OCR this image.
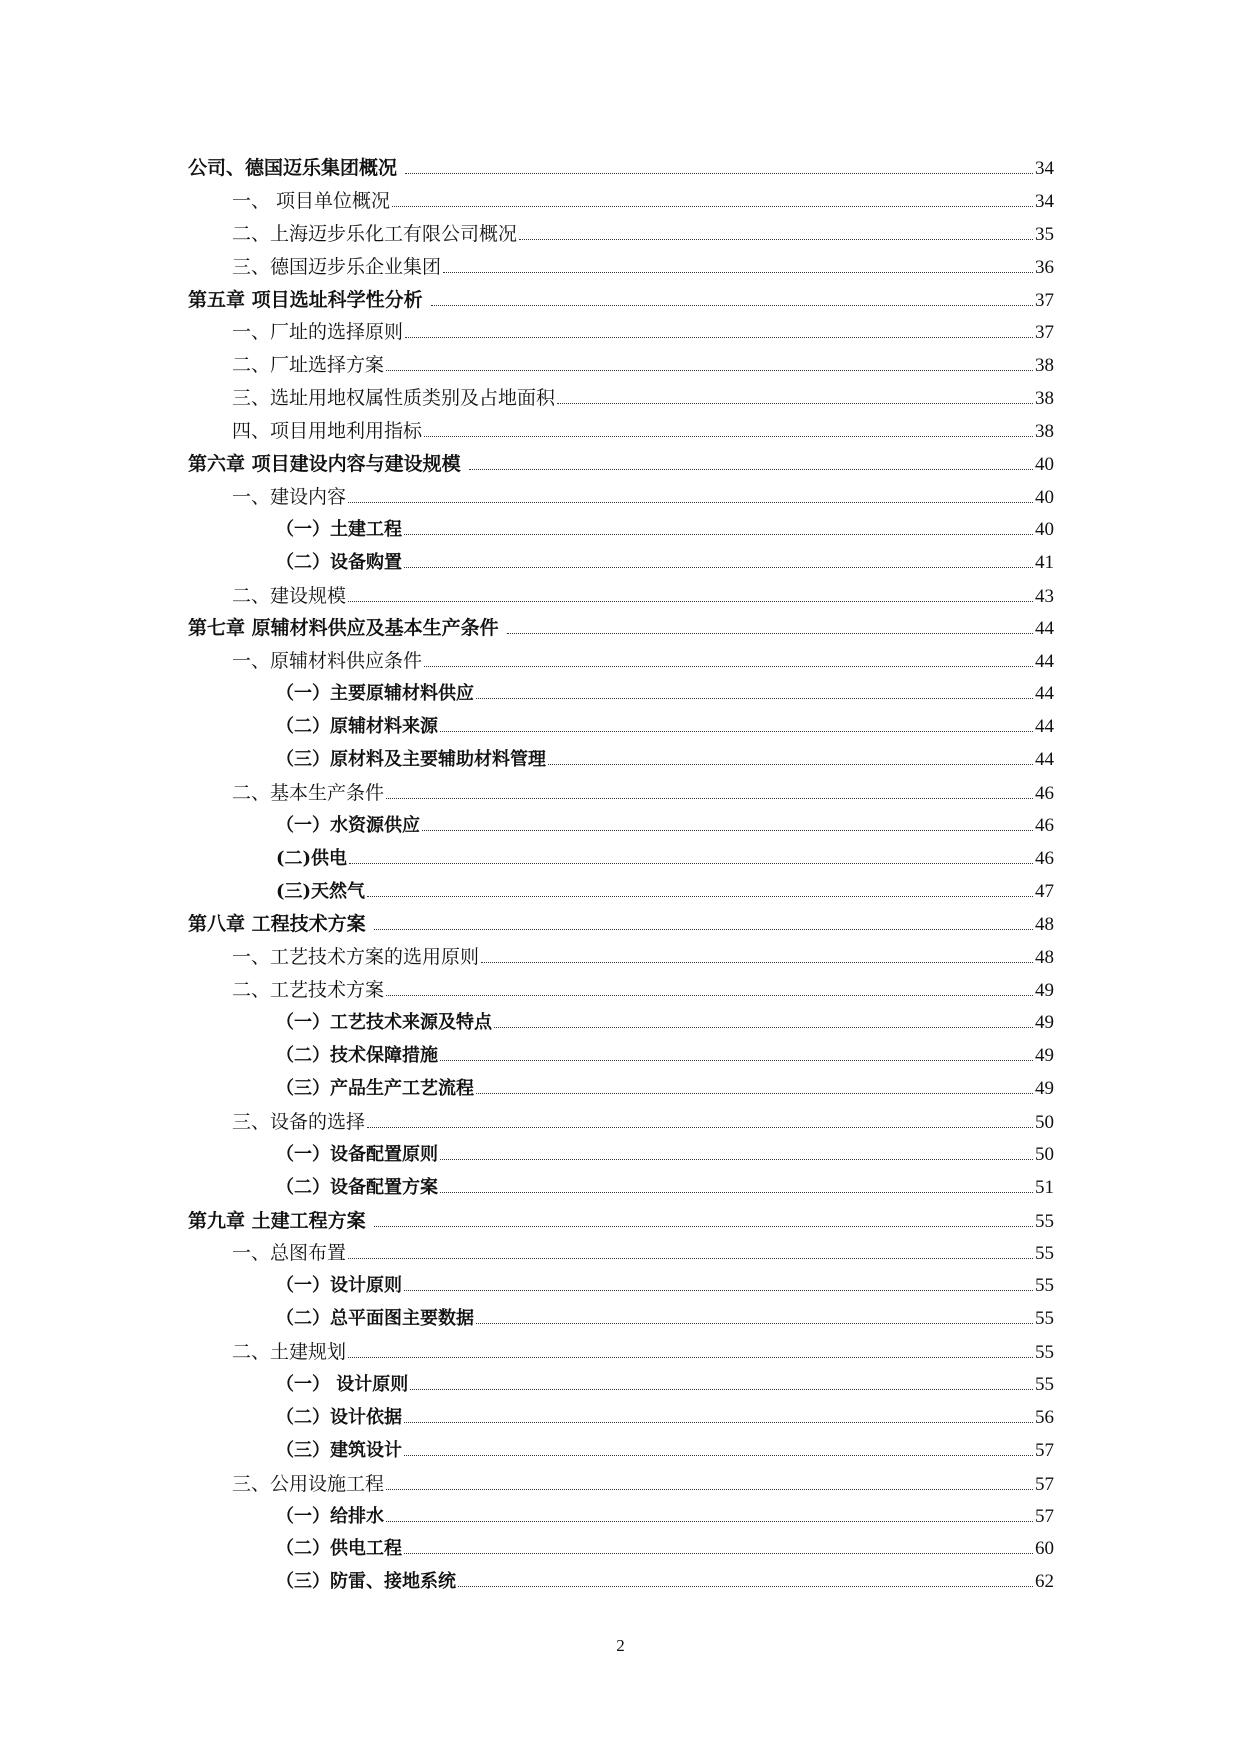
公司、德国迈乐集团概况	34
一、 项目单位概况	34
二、上海迈步乐化工有限公司概况	35
三、德国迈步乐企业集团	36
第五章 项目选址科学性分析	37
一、厂址的选择原则	37
二、厂址选择方案	38
三、选址用地权属性质类别及占地面积	38
四、项目用地利用指标	38
第六章 项目建设内容与建设规模	40
一、建设内容	40
（一）土建工程	40
（二）设备购置	41
二、建设规模	43
第七章 原辅材料供应及基本生产条件	44
一、原辅材料供应条件	44
（一）主要原辅材料供应	44
（二）原辅材料来源	44
（三）原材料及主要辅助材料管理	44
二、基本生产条件	46
（一）水资源供应	46
(二)供电	46
(三)天然气	47
第八章 工程技术方案	48
一、工艺技术方案的选用原则	48
二、工艺技术方案	49
（一）工艺技术来源及特点	49
（二）技术保障措施	49
（三）产品生产工艺流程	49
三、设备的选择	50
（一）设备配置原则	50
（二）设备配置方案	51
第九章 土建工程方案	55
一、总图布置	55
（一）设计原则	55
（二）总平面图主要数据	55
二、土建规划	55
（一） 设计原则	55
（二）设计依据	56
（三）建筑设计	57
三、公用设施工程	57
（一）给排水	57
（二）供电工程	60
（三）防雷、接地系统	62
2
